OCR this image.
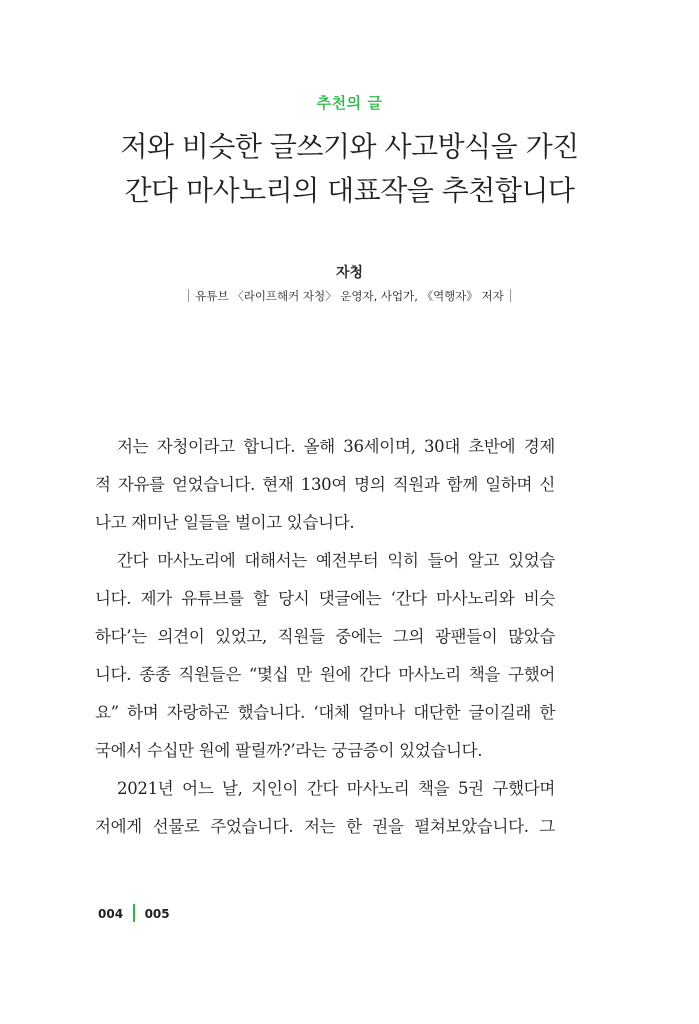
추천의 글
저와 비슷한 글쓰기와 사고방식을 가진
간다 마사노리의 대표작을 추천합니다
자청
유튜브 〈라이프해커 자청〉 운영자, 사업가, 《역행자》 저자
저는 자청이라고 합니다. 올해 36세이며, 30대 초반에 경제
적 자유를 얻었습니다. 현재 130여 명의 직원과 함께 일하며 신
나고 재미난 일들을 벌이고 있습니다.
간다 마사노리에 대해서는 예전부터 익히 들어 알고 있었습
니다. 제가 유튜브를 할 당시 댓글에는 ‘간다 마사노리와 비슷
하다’는 의견이 있었고, 직원들 중에는 그의 광팬들이 많았습
니다. 종종 직원들은 “몇십 만 원에 간다 마사노리 책을 구했어
요” 하며 자랑하곤 했습니다. ‘대체 얼마나 대단한 글이길래 한
국에서 수십만 원에 팔릴까?’라는 궁금증이 있었습니다.
2021년 어느 날, 지인이 간다 마사노리 책을 5권 구했다며
저에게 선물로 주었습니다. 저는 한 권을 펼쳐보았습니다. 그
004 005
